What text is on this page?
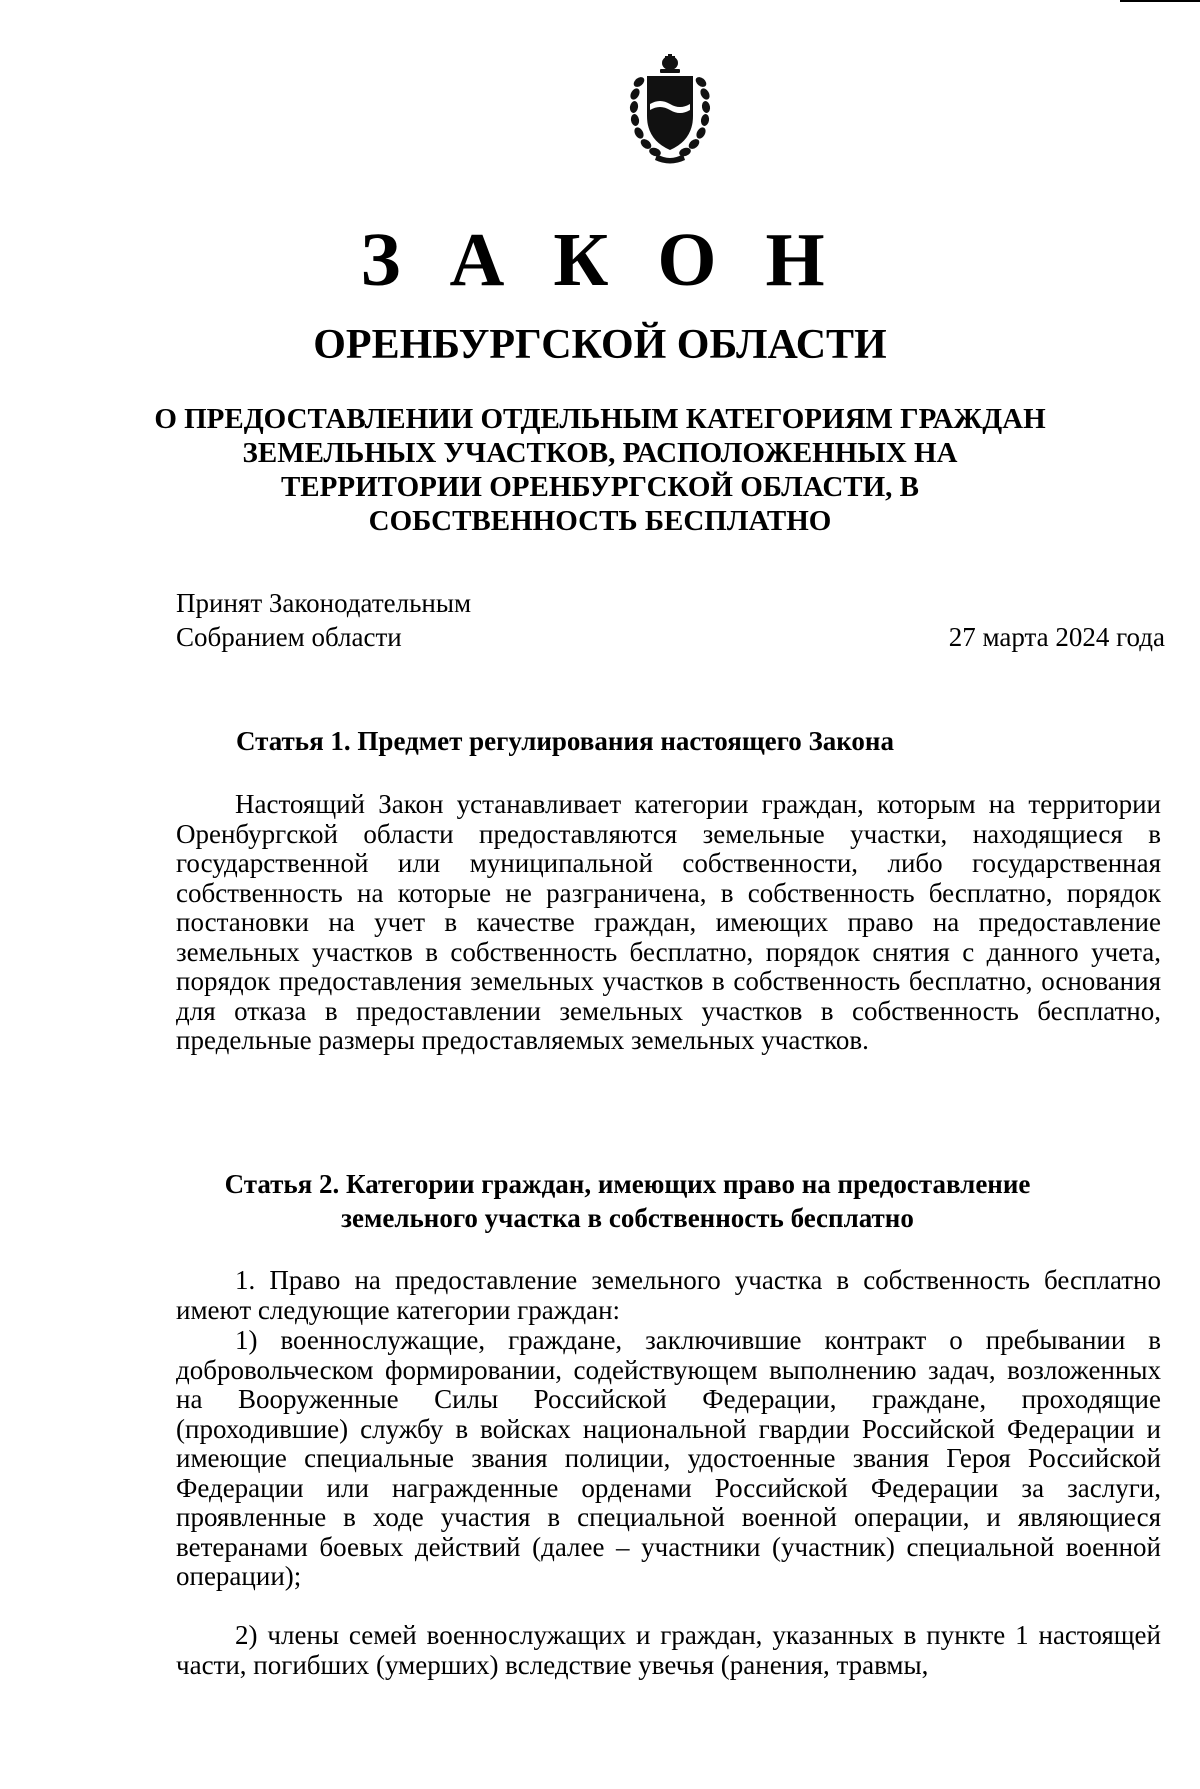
З А К О Н
ОРЕНБУРГСКОЙ ОБЛАСТИ
О ПРЕДОСТАВЛЕНИИ ОТДЕЛЬНЫМ КАТЕГОРИЯМ ГРАЖДАН ЗЕМЕЛЬНЫХ УЧАСТКОВ, РАСПОЛОЖЕННЫХ НА ТЕРРИТОРИИ ОРЕНБУРГСКОЙ ОБЛАСТИ, В СОБСТВЕННОСТЬ БЕСПЛАТНО
Принят Законодательным
Собранием области	27 марта 2024 года
Статья 1. Предмет регулирования настоящего Закона

Настоящий Закон устанавливает категории граждан, которым на территории Оренбургской области предоставляются земельные участки, находящиеся в государственной или муниципальной собственности, либо государственная собственность на которые не разграничена, в собственность бесплатно, порядок постановки на учет в качестве граждан, имеющих право на предоставление земельных участков в собственность бесплатно, порядок снятия с данного учета, порядок предоставления земельных участков в собственность бесплатно, основания для отказа в предоставлении земельных участков в собственность бесплатно, предельные размеры предоставляемых земельных участков.

Статья 2. Категории граждан, имеющих право на предоставление
земельного участка в собственность бесплатно

1. Право на предоставление земельного участка в собственность бесплатно имеют следующие категории граждан:

1) военнослужащие, граждане, заключившие контракт о пребывании в добровольческом формировании, содействующем выполнению задач, возложенных на Вооруженные Силы Российской Федерации, граждане, проходящие (проходившие) службу в войсках национальной гвардии Российской Федерации и имеющие специальные звания полиции, удостоенные звания Героя Российской Федерации или награжденные орденами Российской Федерации за заслуги, проявленные в ходе участия в специальной военной операции, и являющиеся ветеранами боевых действий (далее – участники (участник) специальной военной операции);

2) члены семей военнослужащих и граждан, указанных в пункте 1 настоящей части, погибших (умерших) вследствие увечья (ранения, травмы,
